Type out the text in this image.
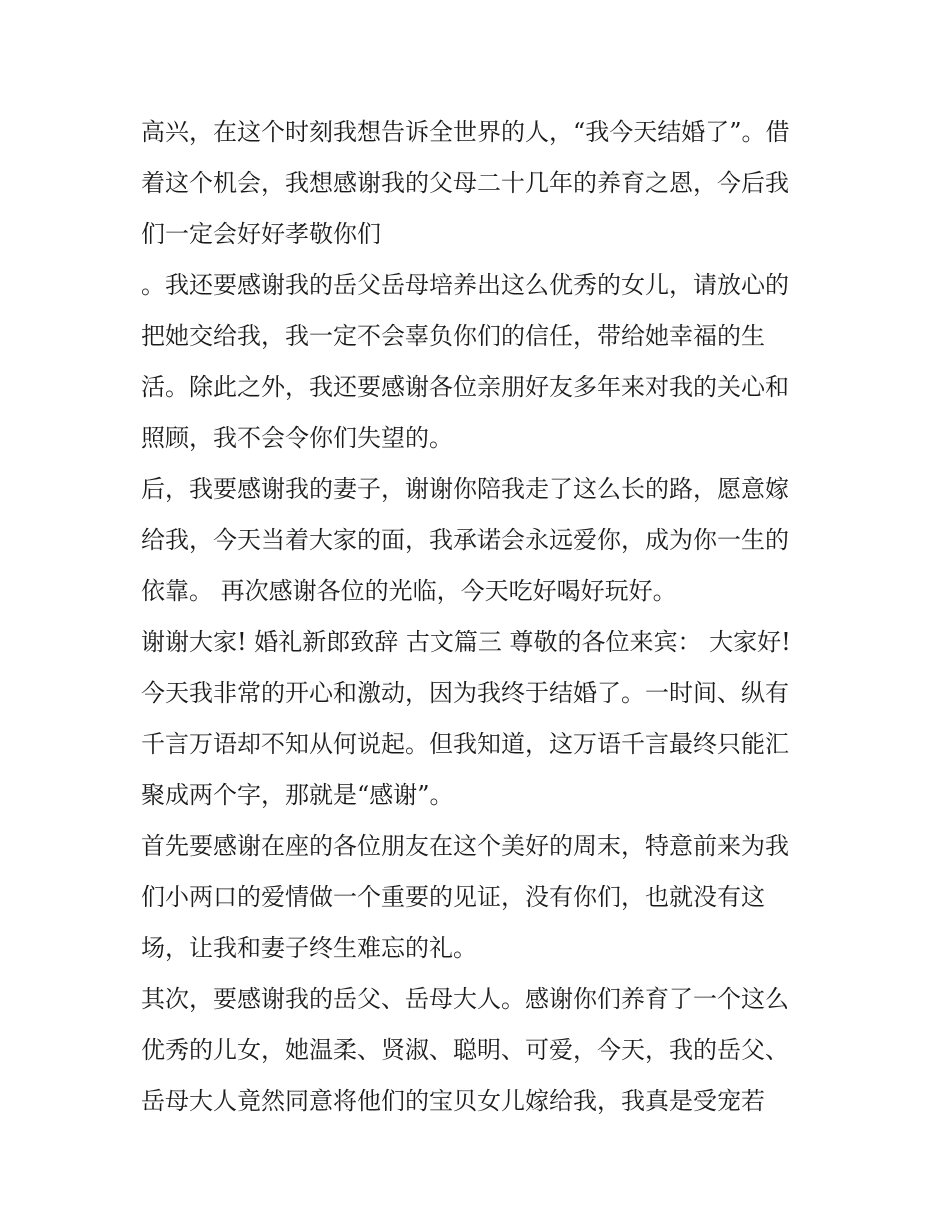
高兴，在这个时刻我想告诉全世界的人，“我今天结婚了”。借
着这个机会，我想感谢我的父母二十几年的养育之恩，今后我
们一定会好好孝敬你们
。我还要感谢我的岳父岳母培养出这么优秀的女儿，请放心的
把她交给我，我一定不会辜负你们的信任，带给她幸福的生
活。除此之外，我还要感谢各位亲朋好友多年来对我的关心和
照顾，我不会令你们失望的。
后，我要感谢我的妻子，谢谢你陪我走了这么长的路，愿意嫁
给我，今天当着大家的面，我承诺会永远爱你，成为你一生的
依靠。 再次感谢各位的光临，今天吃好喝好玩好。
谢谢大家! 婚礼新郎致辞 古文篇三 尊敬的各位来宾： 大家好!
今天我非常的开心和激动，因为我终于结婚了。一时间、纵有
千言万语却不知从何说起。但我知道，这万语千言最终只能汇
聚成两个字，那就是“感谢”。
首先要感谢在座的各位朋友在这个美好的周末，特意前来为我
们小两口的爱情做一个重要的见证，没有你们，也就没有这
场，让我和妻子终生难忘的礼。
其次，要感谢我的岳父、岳母大人。感谢你们养育了一个这么
优秀的儿女，她温柔、贤淑、聪明、可爱，今天，我的岳父、
岳母大人竟然同意将他们的宝贝女儿嫁给我，我真是受宠若
